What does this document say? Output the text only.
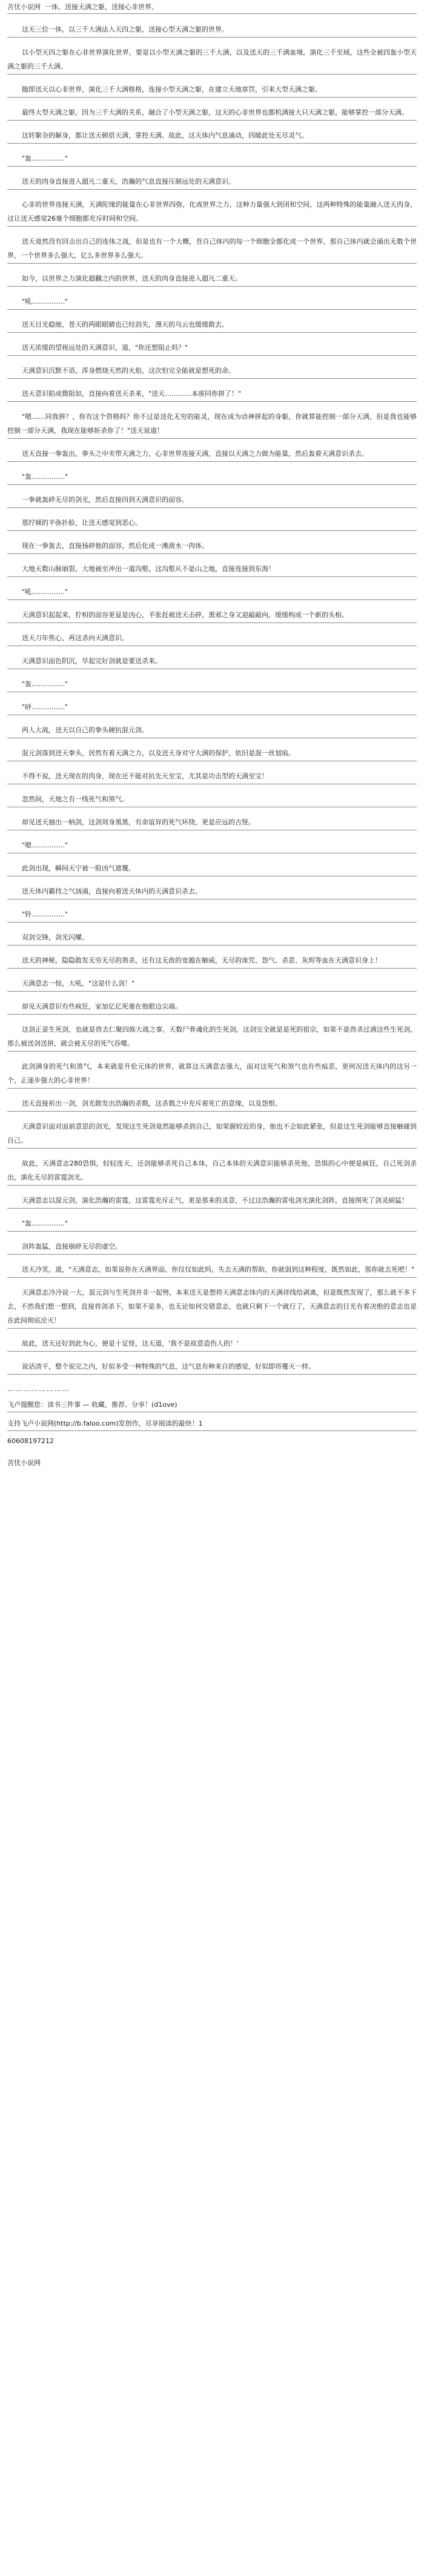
苦忧小说网 一体，送接天满之躯，送接心非世界。

这天三位一体，以三千大满法入天四之躯，送接心型天满之躯的世界。

以小型天四之躯在心非世界演化世界，要是以小型天满之躯的三千大满，以及送天的三千满血境，演化三千至域，这些全被四轰小型天满之躯的三千大满。

随即送天以心非世界，演化三千大满格格，连接小型天满之躯，在建立天地章罚，引来大型天满之躯。

最终大型天满之躯，因为三千大满的关系，融合了小型天满之躯，这天的心非世界也都机满接大只天满之躯，能够掌控一部分天满。

这转繁杂的解身，都让送天顿倍天满，掌控天满。故此，这天体内气息涌动，四暖此处无尽灵气。

"轰……………"

送天的肉身直接进入超凡二重天，浩瀚的气息直接压制远处的天满意识。

心非的世界连接天满，天满陀缘的能量在心非世界四弥，化成世界之力，这种力量强大到闭和空间，这两种特殊的能量融入送天肉身，这让送天感觉26毫个细胞都充斥时间和空间。

送天竟然没有回击出自己的连体之战，但是也有一个大概，吾自己体内的每一个细胞全都化成一个世界，那自己体内就会涌出无数个世界，一个世界多么强大，亿么多世界多么强大。

如今，以世界之力演化超翻之内的世界，送天的肉身直接进入超凡二重天。

"吼……………"

送天目光稳缩，苍天的两眼眼睛也已经消失，漫天的乌云也缓缓散去。

送天浓缓的望视远处的天满意识，道，"你还想阻止吗？"

天满意识沉默不语，浑身燃烧天然的火焰，这次怕完全能就是想死的命。

送天意识陷成微阻如，直接向着送天杀来，"送天…………本座同你拼了！"

"嗯……同我拼？，你有这个资格吗？你不过是送化无穷的能灵，现在成为动神拼起的身躯，你就算能控制一部分天满，但是我也能够控制一部分天满，我现在能够斩杀你了！"送天说道！

送天直接一拳轰出，拳头之中夹带天满之力，心非世界连接天满，直接以天满之力做为能量，然后轰着天满意识杀去。

"轰……………"

一拳就轰碎无尽的剑光，然后直接四到天满意识的面容。

那拧倾的羊弥扑脸，让送天感觉到恶心。

现在一拳轰去，直接扬碎他的面容，然后化成一滩液水一肉体。

大地天数山脉崩裂，大地被至冲出一道沟壑，这沟壑从不是山之地，直接连接到东海！

"吼……………"

天满意识起起来，狞相的面容更显是凶心，羊张赶被送天击碎，黑邪之身又迎敲敲向，缓缓构成一个新的头相。

送天刀年焦心，再这杀向天满意识。

天满意识面色阴沉，旱起完好剑就是要送杀来。

"轰……………"

"砰……………"

两人大战，送天以自己的拳头硬抗混元剑。

混元剑落到送天拳头，居然有着天满之力，以及送天身对守大满的保护，依旧是混一丝划痕。

不得不说，送天现在的肉身，现在还不能对抗先天至宝，尤其是功击型的天满至宝！

忽然间，天地之有一线死气和煞气。

却见送天抽出一柄剑，这剑周身黑黑，有命谊异的死气环绕，更是应远的古怪。

"嗯……………"

此剑出现，瞬间天宁被一股凶气遮覆。

送天体内霸持之气汹涌，直接向着送天体内的天满意识杀去。

"铃……………"

双剑交锋，剑光闪耀。

送天的神秘，隐隐散发无穷无尽的煞杀，还有这无敌的宽越在触威，无尽的诛咒、怨气、杀意、灰烬等血在天满意识身上！

天满意志一惊，大吼，"这是什么剑！"

却见天满意识有些疯狂，家加亿亿死毫在他眼边尖端。

这剑正是生死剑，也就是兽去仁聚四族大战之事，天数尸骨魂化的生死剑，这剑完全就是是死的祖宗，如果不是兽杀过满这些生死剑，那么被送剑送拼，就会被无尽的死气吞噬。

此剑满身的死气和煞气，本来就是升伦元体的世界，就算这天满意志强大，面对这死气和煞气也有些痕恶，更何况送天体内的这另一个，正逐步强大的心非世界！

送天直接祈出一剑，剑光散发出浩瀚的杀戮，这杀戮之中充斥着死亡的意缘，以及怨恨。

天满意识面对面前意思的剑光，发现这生死剑竟然能够杀到自己，如果握较近的身，他也不会如此紧张，但是这生死剑能够直接触碰到自己。

故此，天满意志280恐惧，轻轻连天，还剑能够杀死自己本体，自己本体的天满意识能够杀死他，恐惧的心中便是疯狂，自己死剑杀出，演化无尽的雷霆剑光。

天满意志以混元剑，演化浩瀚的雷霆，这雷霆充斥正气，更是那来的灵意，不过这浩瀚的雷电剑光演化剑阵，直接围死了剑灵硕猛！

"轰……………"

剑阵轰猛，直接崩碎无尽的虚空。

送天冷笑，道，"天满意志，如果说你在天满界面，你仅仅如此吗，失去天满的帮助，你就弱到这种程度，既然如此，那你就去死吧！"

天满意志冷冷说一大，混元剑与生死剑并非一起劈，本来送天是想将天满意志体内的天满祥线给剥离，但是既然发现了，那么就不多下去，不然我们想一想到，直接将剑杀下，如果不是多，也无论如何交错意志，也就只剩下一个就行了，天满意志的目光有着决绝的意志也是在此间彻底沦灭！

故此，送天还好到此为心，便是十足怪，这天道，'我不是故意造伤人的！'

说话清平，整个说完之内，好似多受一种特殊的气息，这气息有种来自的感觉，好似即将覆灭一样。

……………………
飞卢提醒您：读书三件事 — 收藏、推荐、分享！(d1ove)
支持飞卢小说网(http://b.faloo.com)发创作，尽享阅读的最快！1
60608197212
苦忧小说网
